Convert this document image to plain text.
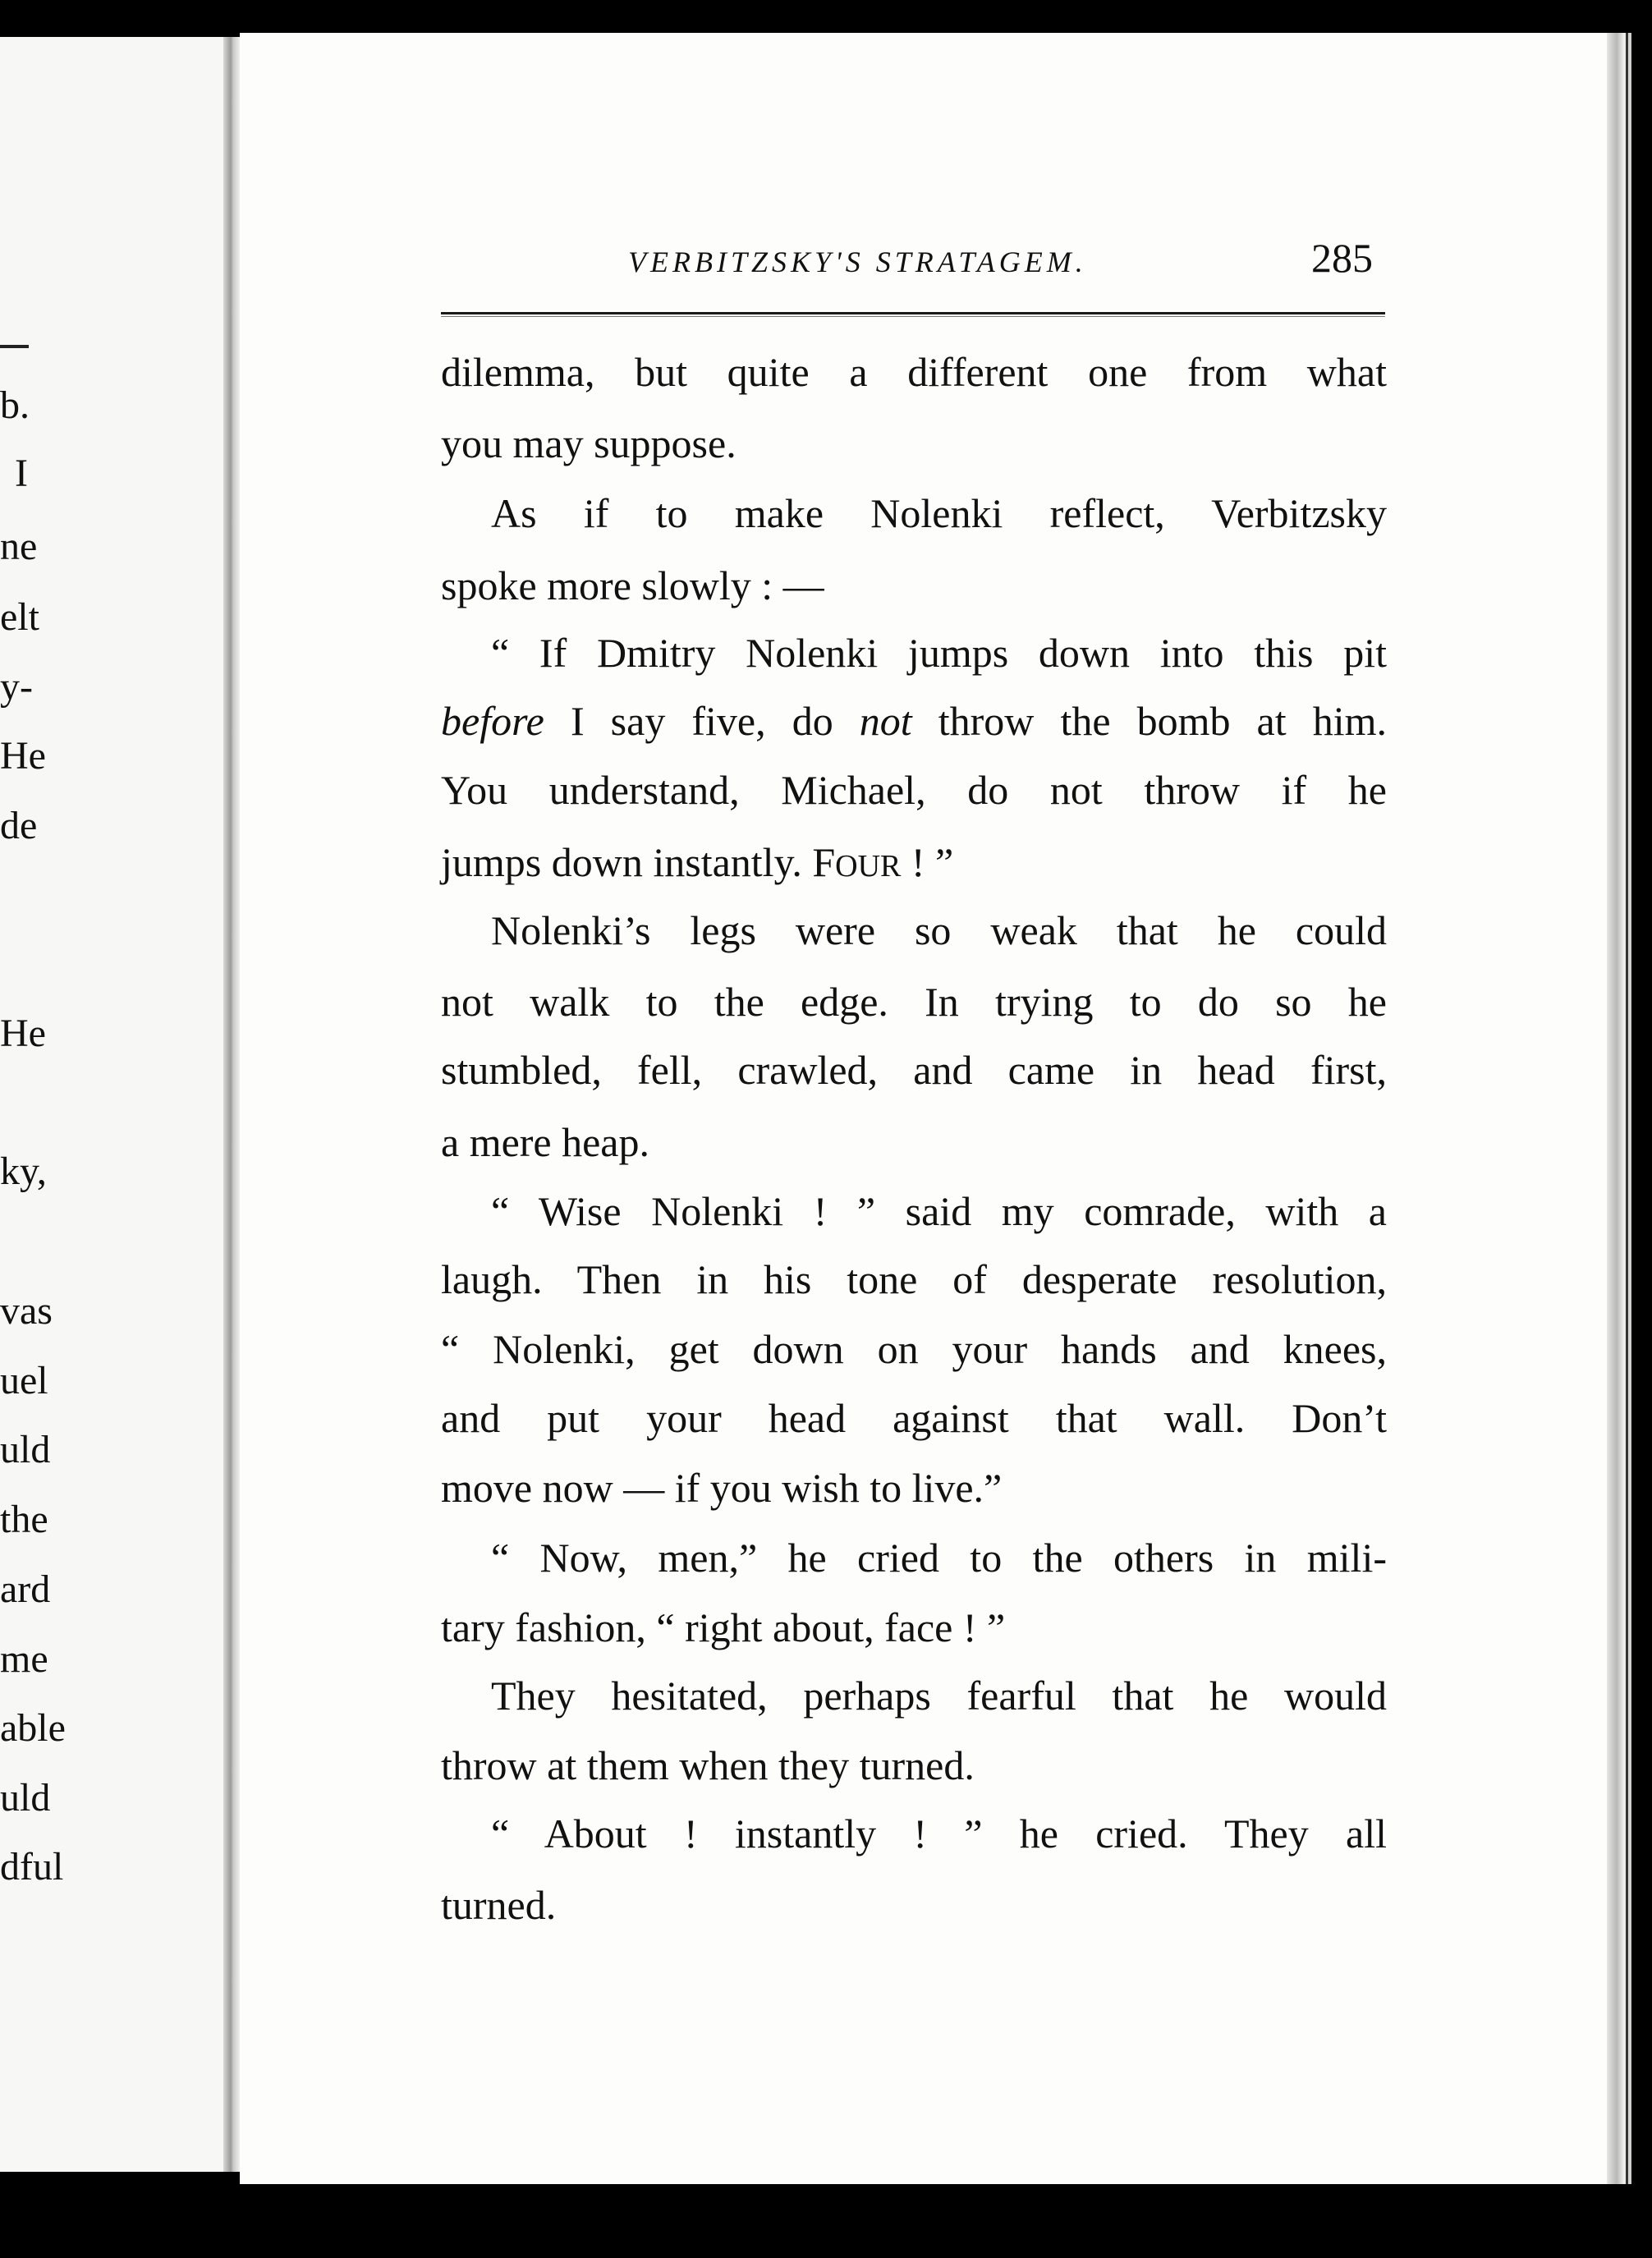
b.
I
ne
elt
y-
He
de
He
ky,
vas
uel
uld
the
ard
me
able
uld
dful
VERBITZSKY'S STRATAGEM.	285
dilemma, but quite a different one from what
you may suppose.
As if to make Nolenki reflect, Verbitzsky
spoke more slowly : —
“ If Dmitry Nolenki jumps down into this pit
before I say five, do not throw the bomb at him.
You understand, Michael, do not throw if he
jumps down instantly. FOUR ! ”
Nolenki’s legs were so weak that he could
not walk to the edge. In trying to do so he
stumbled, fell, crawled, and came in head first,
a mere heap.
“ Wise Nolenki ! ” said my comrade, with a
laugh. Then in his tone of desperate resolution,
“ Nolenki, get down on your hands and knees,
and put your head against that wall. Don’t
move now — if you wish to live.”
“ Now, men,” he cried to the others in mili-
tary fashion, “ right about, face ! ”
They hesitated, perhaps fearful that he would
throw at them when they turned.
“ About ! instantly ! ” he cried. They all
turned.
